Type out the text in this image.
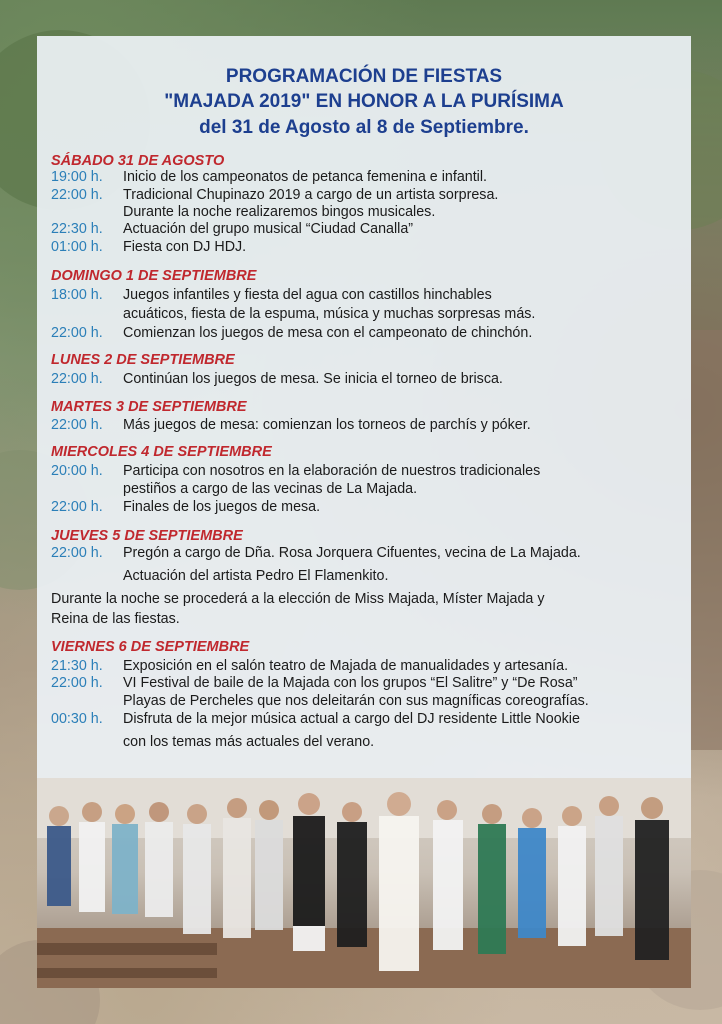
PROGRAMACIÓN DE FIESTAS
"MAJADA 2019" EN HONOR A LA PURÍSIMA
del 31 de Agosto al 8 de Septiembre.
SÁBADO 31 DE AGOSTO
19:00 h. Inicio de los campeonatos de petanca femenina e infantil.
22:00 h. Tradicional Chupinazo 2019 a cargo de un artista sorpresa.
Durante la noche realizaremos bingos musicales.
22:30 h. Actuación del grupo musical “Ciudad Canalla”
01:00 h. Fiesta con DJ HDJ.
DOMINGO 1 DE SEPTIEMBRE
18:00 h. Juegos infantiles y fiesta del agua con castillos hinchables
acuáticos, fiesta de la espuma, música y muchas sorpresas más.
22:00 h. Comienzan los juegos de mesa con el campeonato de chinchón.
LUNES 2 DE SEPTIEMBRE
22:00 h. Continúan los juegos de mesa. Se inicia el torneo de brisca.
MARTES 3 DE SEPTIEMBRE
22:00 h. Más juegos de mesa: comienzan los torneos de parchís y póker.
MIERCOLES 4 DE SEPTIEMBRE
20:00 h. Participa con nosotros en la elaboración de nuestros tradicionales
pestiños a cargo de las vecinas de La Majada.
22:00 h. Finales de los juegos de mesa.
JUEVES 5 DE SEPTIEMBRE
22:00 h. Pregón a cargo de Dña. Rosa Jorquera Cifuentes, vecina de La Majada.
Actuación del artista Pedro El Flamenkito.
Durante la noche se procederá a la elección de Miss Majada, Míster Majada y
Reina de las fiestas.
VIERNES 6 DE SEPTIEMBRE
21:30 h. Exposición en el salón teatro de Majada de manualidades y artesanía.
22:00 h. VI Festival de baile de la Majada con los grupos “El Salitre” y “De Rosa”
Playas de Percheles que nos deleitarán con sus magníficas coreografías.
00:30 h. Disfruta de la mejor música actual a cargo del DJ residente Little Nookie
con los temas más actuales del verano.
